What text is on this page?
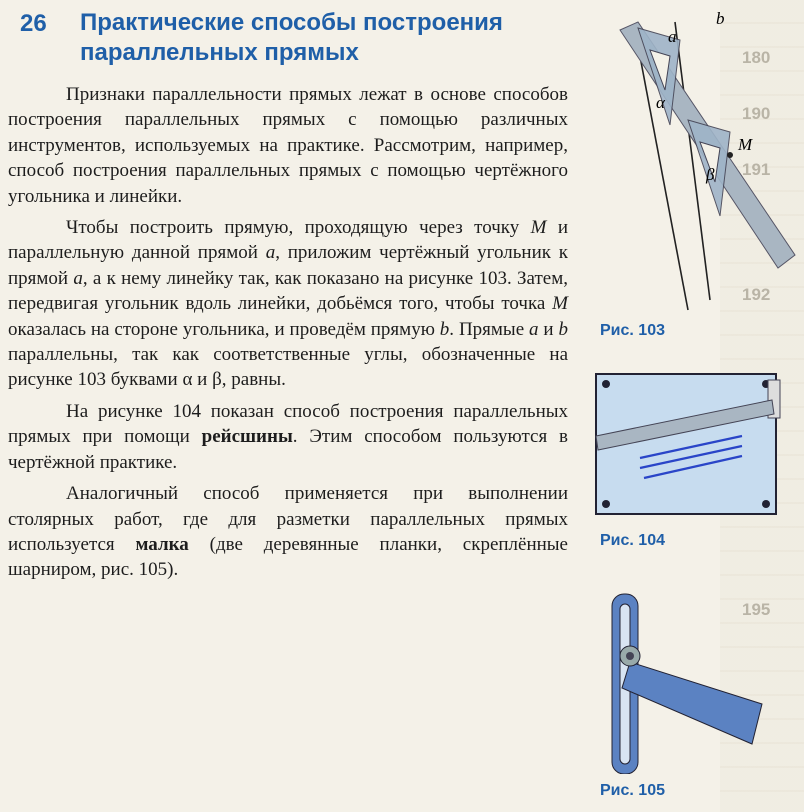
180
190
191
192
195
26 Практические способы построения параллельных прямых

Признаки параллельности прямых лежат в основе способов построения параллельных прямых с помощью различных инструментов, используемых на практике. Рассмотрим, например, способ построения параллельных прямых с помощью чертёжного угольника и линейки.

Чтобы построить прямую, проходящую через точку M и параллельную данной прямой a, приложим чертёжный угольник к прямой a, а к нему линейку так, как показано на рисунке 103. Затем, передвигая угольник вдоль линейки, добьёмся того, чтобы точка M оказалась на стороне угольника, и проведём прямую b. Прямые a и b параллельны, так как соответственные углы, обозначенные на рисунке 103 буквами α и β, равны.

На рисунке 104 показан способ построения параллельных прямых при помощи рейсшины. Этим способом пользуются в чертёжной практике.

Аналогичный способ применяется при выполнении столярных работ, где для разметки параллельных прямых используется малка (две деревянные планки, скреплённые шарниром, рис. 105).

a
b
M
α
β
Рис. 103
Рис. 104
Рис. 105
